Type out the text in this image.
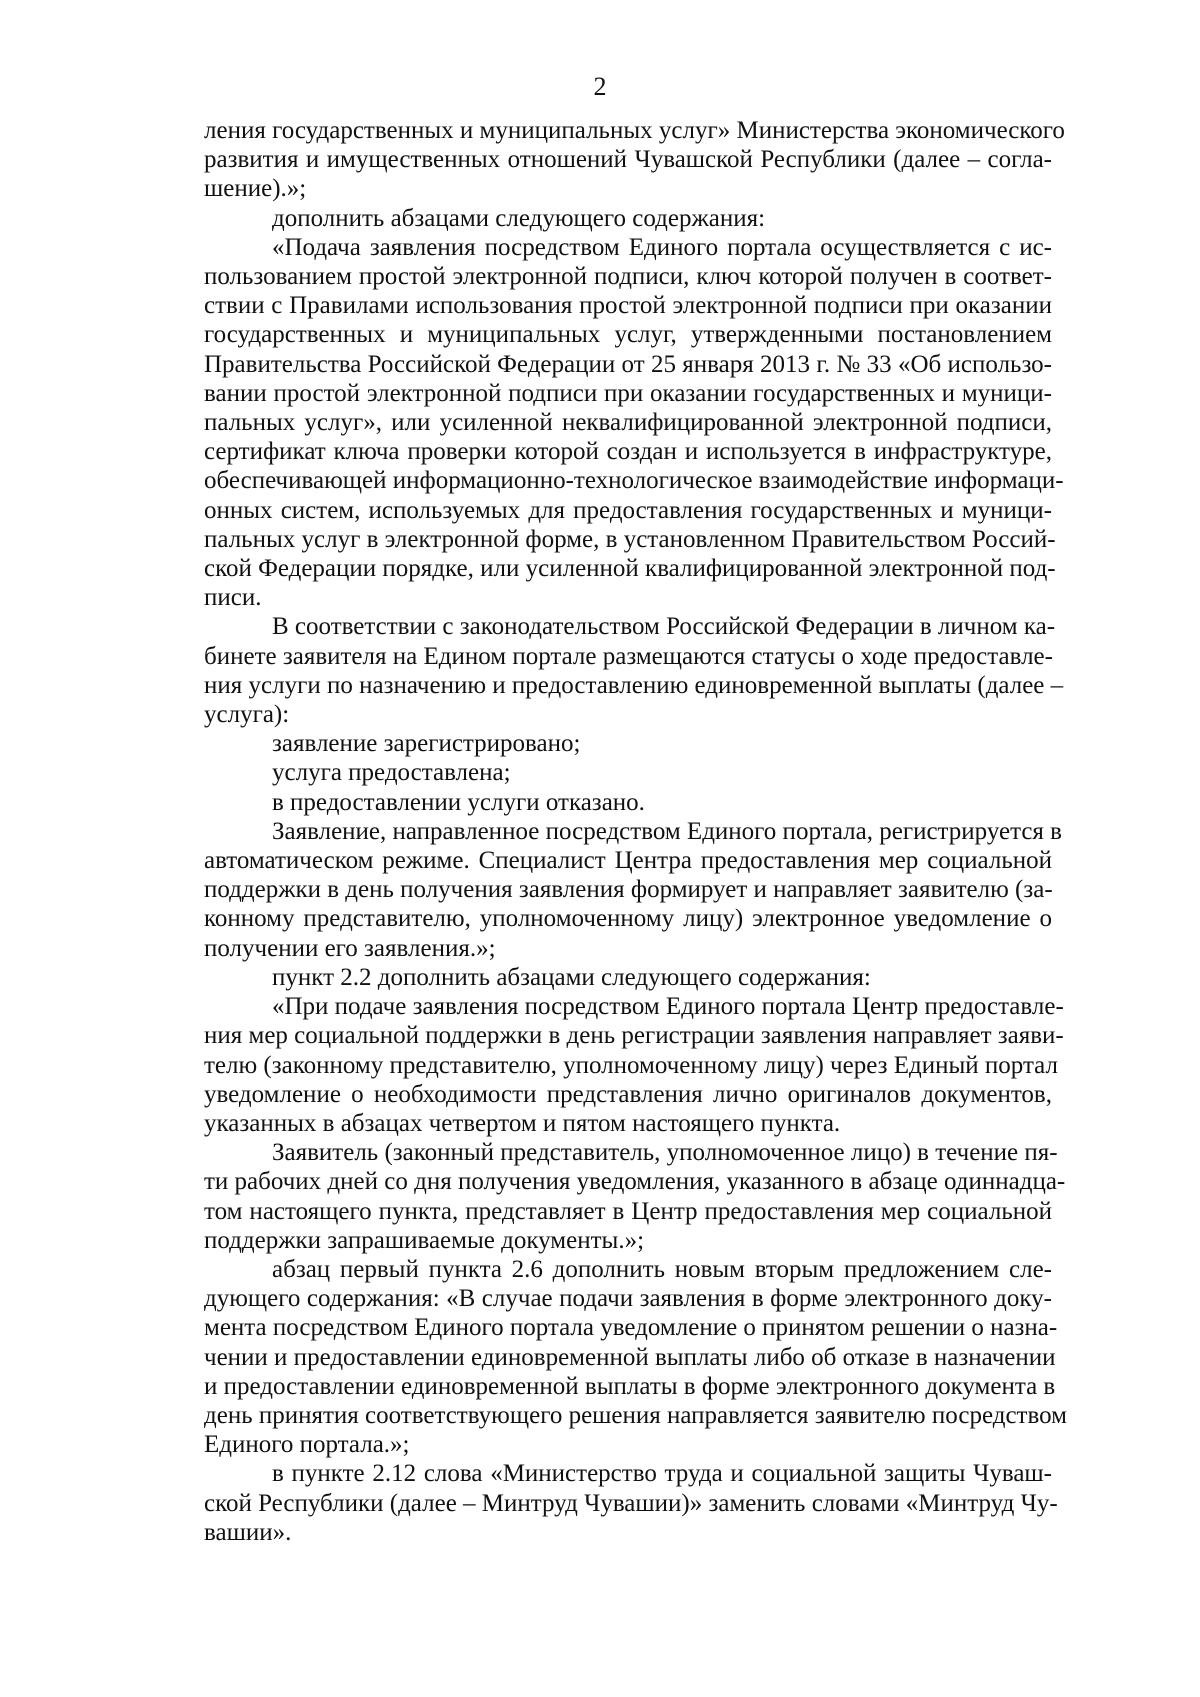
2
ления государственных и муниципальных услуг» Министерства экономического
развития и имущественных отношений Чувашской Республики (далее – согла-
шение).»;
дополнить абзацами следующего содержания:
«Подача заявления посредством Единого портала осуществляется с ис-
пользованием простой электронной подписи, ключ которой получен в соответ-
ствии с Правилами использования простой электронной подписи при оказании
государственных и муниципальных услуг, утвержденными постановлением
Правительства Российской Федерации от 25 января 2013 г. № 33 «Об использо-
вании простой электронной подписи при оказании государственных и муници-
пальных услуг», или усиленной неквалифицированной электронной подписи,
сертификат ключа проверки которой создан и используется в инфраструктуре,
обеспечивающей информационно-технологическое взаимодействие информаци-
онных систем, используемых для предоставления государственных и муници-
пальных услуг в электронной форме, в установленном Правительством Россий-
ской Федерации порядке, или усиленной квалифицированной электронной под-
писи.
В соответствии с законодательством Российской Федерации в личном ка-
бинете заявителя на Едином портале размещаются статусы о ходе предоставле-
ния услуги по назначению и предоставлению единовременной выплаты (далее –
услуга):
заявление зарегистрировано;
услуга предоставлена;
в предоставлении услуги отказано.
Заявление, направленное посредством Единого портала, регистрируется в
автоматическом режиме. Специалист Центра предоставления мер социальной
поддержки в день получения заявления формирует и направляет заявителю (за-
конному представителю, уполномоченному лицу) электронное уведомление о
получении его заявления.»;
пункт 2.2 дополнить абзацами следующего содержания:
«При подаче заявления посредством Единого портала Центр предоставле-
ния мер социальной поддержки в день регистрации заявления направляет заяви-
телю (законному представителю, уполномоченному лицу) через Единый портал
уведомление о необходимости представления лично оригиналов документов,
указанных в абзацах четвертом и пятом настоящего пункта.
Заявитель (законный представитель, уполномоченное лицо) в течение пя-
ти рабочих дней со дня получения уведомления, указанного в абзаце одиннадца-
том настоящего пункта, представляет в Центр предоставления мер социальной
поддержки запрашиваемые документы.»;
абзац первый пункта 2.6 дополнить новым вторым предложением сле-
дующего содержания: «В случае подачи заявления в форме электронного доку-
мента посредством Единого портала уведомление о принятом решении о назна-
чении и предоставлении единовременной выплаты либо об отказе в назначении
и предоставлении единовременной выплаты в форме электронного документа в
день принятия соответствующего решения направляется заявителю посредством
Единого портала.»;
в пункте 2.12 слова «Министерство труда и социальной защиты Чуваш-
ской Республики (далее – Минтруд Чувашии)» заменить словами «Минтруд Чу-
вашии».
